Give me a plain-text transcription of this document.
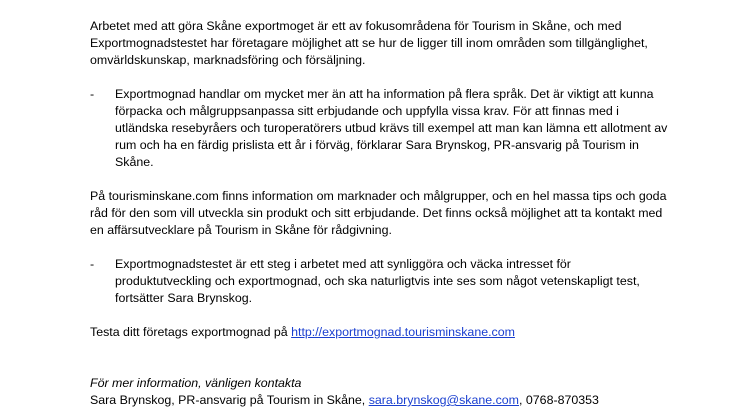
Arbetet med att göra Skåne exportmoget är ett av fokusområdena för Tourism in Skåne, och med Exportmognadstestet har företagare möjlighet att se hur de ligger till inom områden som tillgänglighet, omvärldskunskap, marknadsföring och försäljning.

- Exportmognad handlar om mycket mer än att ha information på flera språk. Det är viktigt att kunna förpacka och målgruppsanpassa sitt erbjudande och uppfylla vissa krav. För att finnas med i utländska resebyråers och turoperatörers utbud krävs till exempel att man kan lämna ett allotment av rum och ha en färdig prislista ett år i förväg, förklarar Sara Brynskog, PR-ansvarig på Tourism in Skåne.

På tourisminskane.com finns information om marknader och målgrupper, och en hel massa tips och goda råd för den som vill utveckla sin produkt och sitt erbjudande. Det finns också möjlighet att ta kontakt med en affärsutvecklare på Tourism in Skåne för rådgivning.

- Exportmognadstestet är ett steg i arbetet med att synliggöra och väcka intresset för produktutveckling och exportmognad, och ska naturligtvis inte ses som något vetenskapligt test, fortsätter Sara Brynskog.

Testa ditt företags exportmognad på http://exportmognad.tourisminskane.com

För mer information, vänligen kontakta

Sara Brynskog, PR-ansvarig på Tourism in Skåne, sara.brynskog@skane.com, 0768-870353
